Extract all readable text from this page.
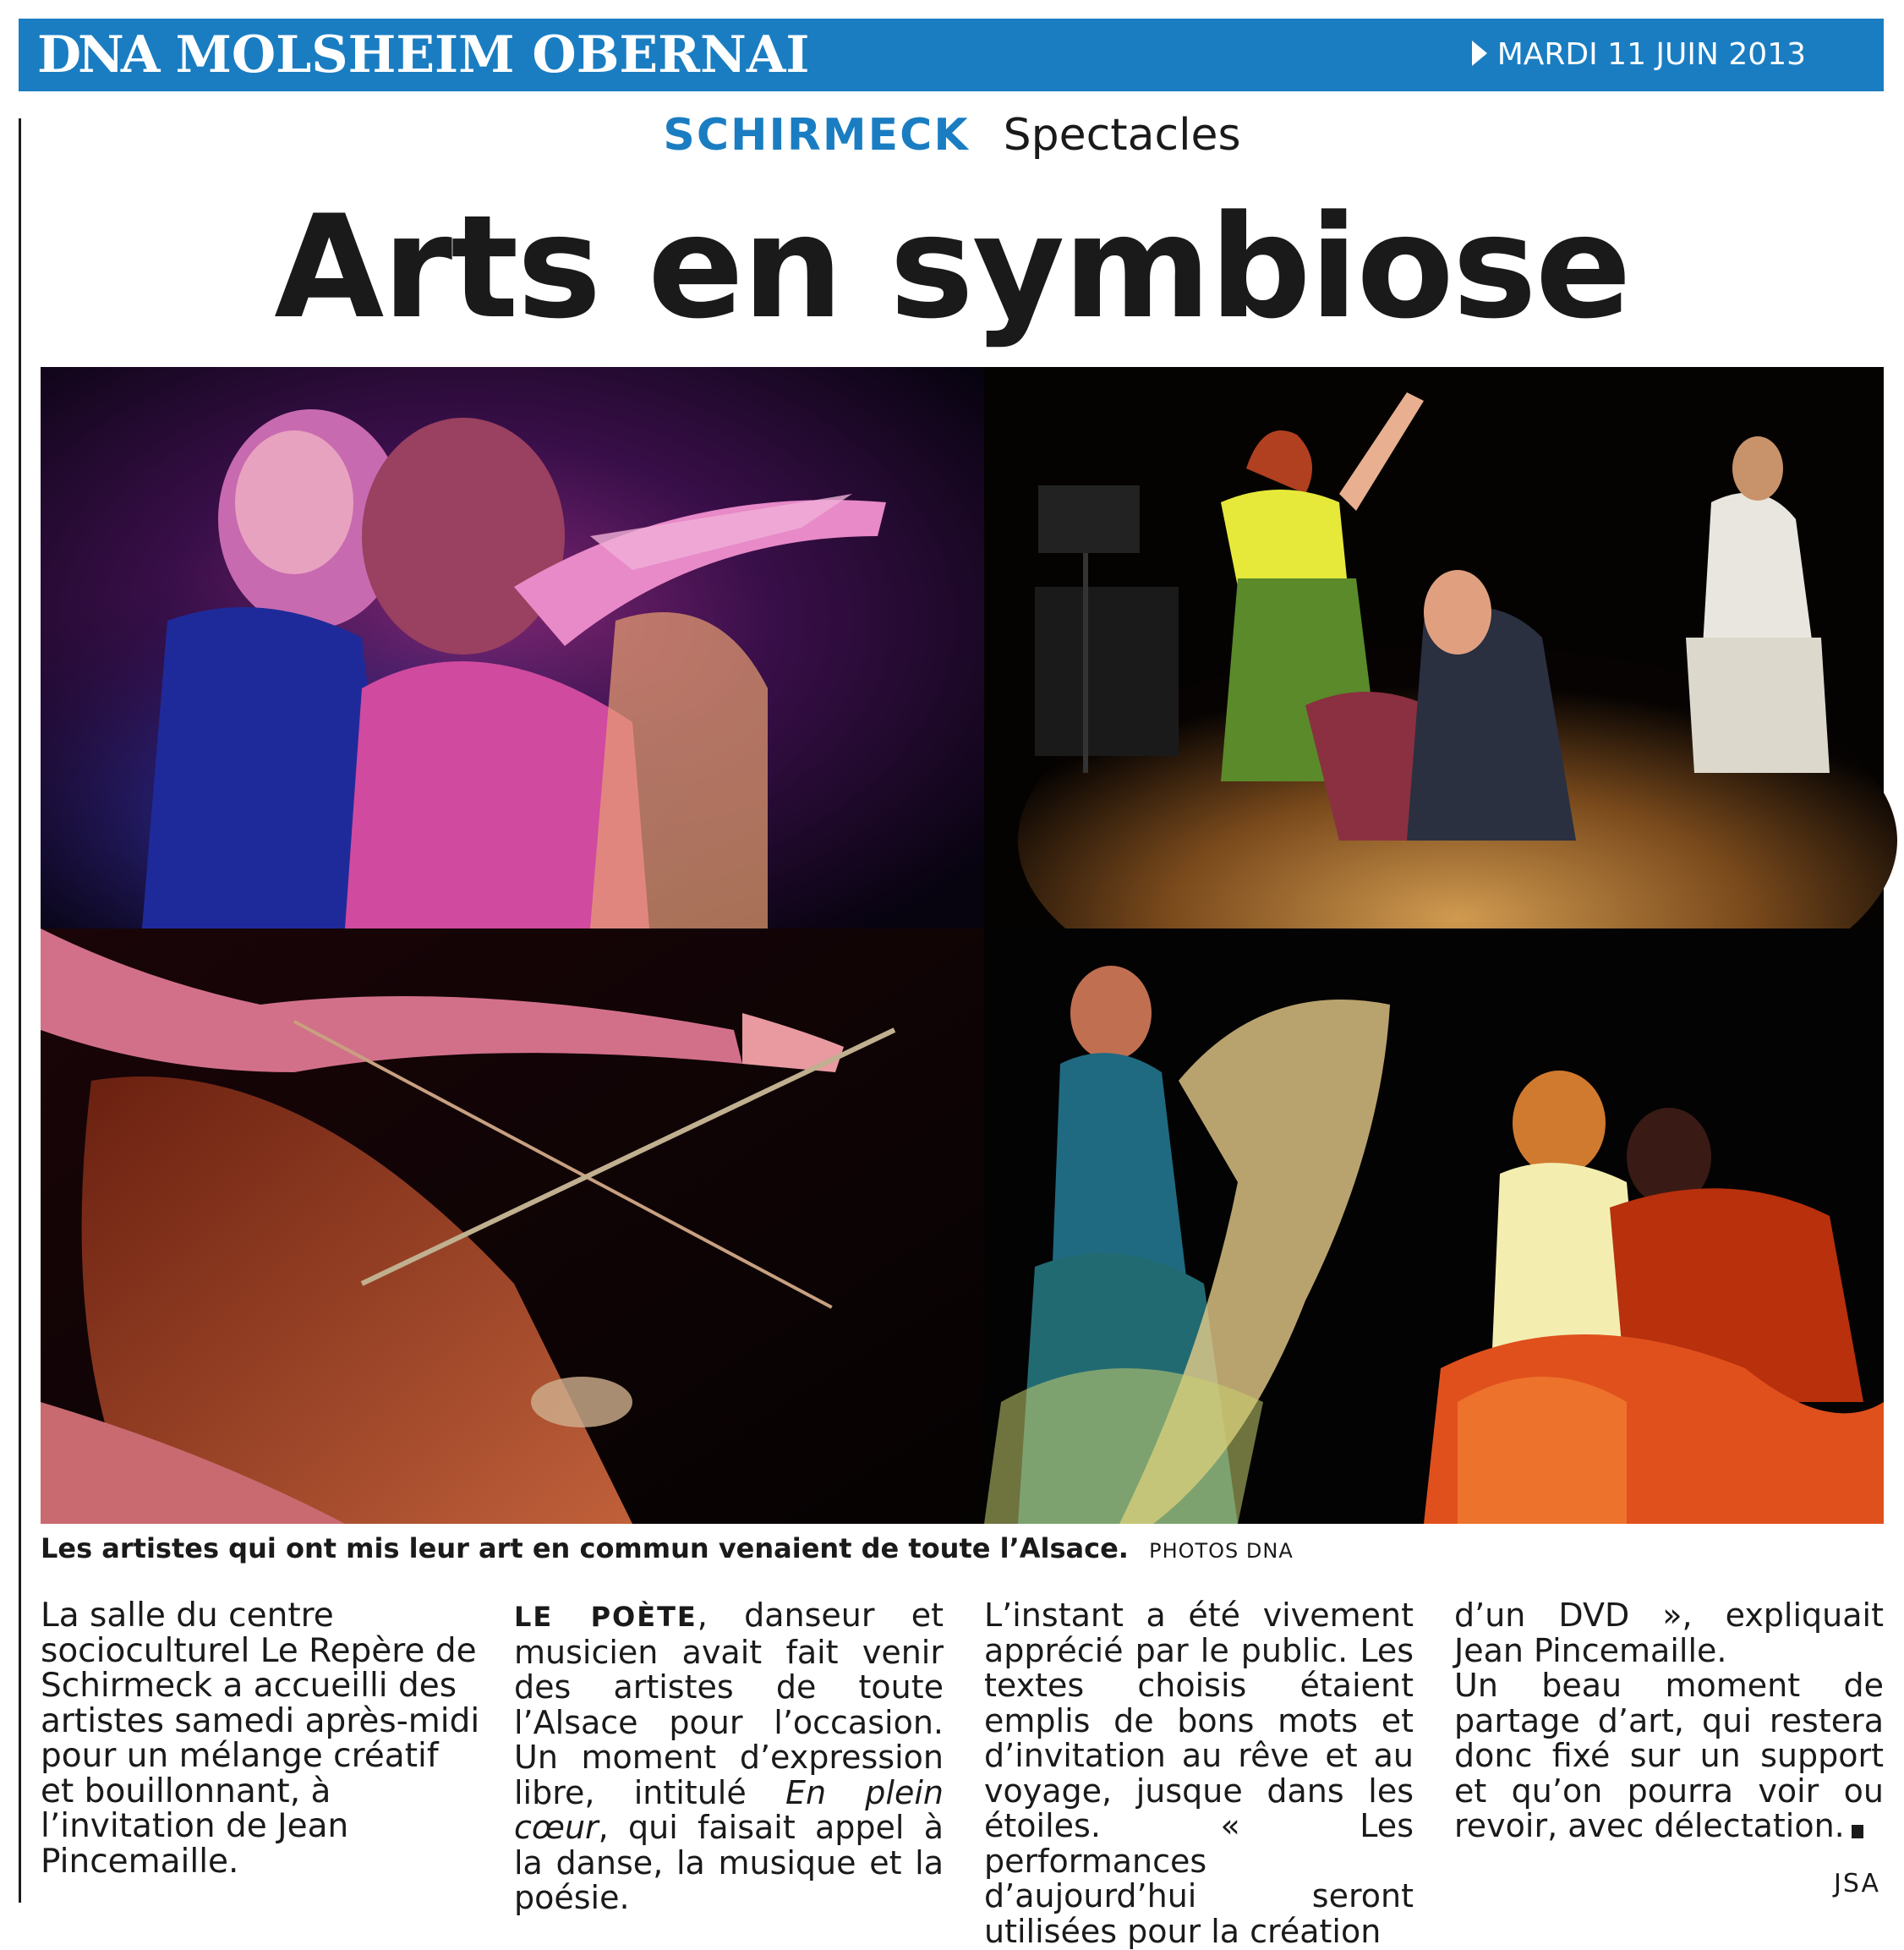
DNA MOLSHEIM OBERNAI	MARDI 11 JUIN 2013
SCHIRMECK Spectacles
Arts en symbiose
Les artistes qui ont mis leur art en commun venaient de toute l’Alsace. PHOTOS DNA
La salle du centre socioculturel Le Repère de Schirmeck a accueilli des artistes samedi après-midi pour un mélange créatif et bouillonnant, à l’invitation de Jean Pincemaille.
LE POÈTE, danseur et musicien avait fait venir des artistes de toute l’Alsace pour l’occasion. Un moment d’expression libre, intitulé En plein cœur, qui faisait appel à la danse, la musique et la poésie.
L’instant a été vivement apprécié par le public. Les textes choisis étaient emplis de bons mots et d’invitation au rêve et au voyage, jusque dans les étoiles. « Les performances d’aujourd’hui seront utilisées pour la création
d’un DVD », expliquait Jean Pincemaille.
Un beau moment de partage d’art, qui restera donc fixé sur un support et qu’on pourra voir ou revoir, avec délectation.
JSA
